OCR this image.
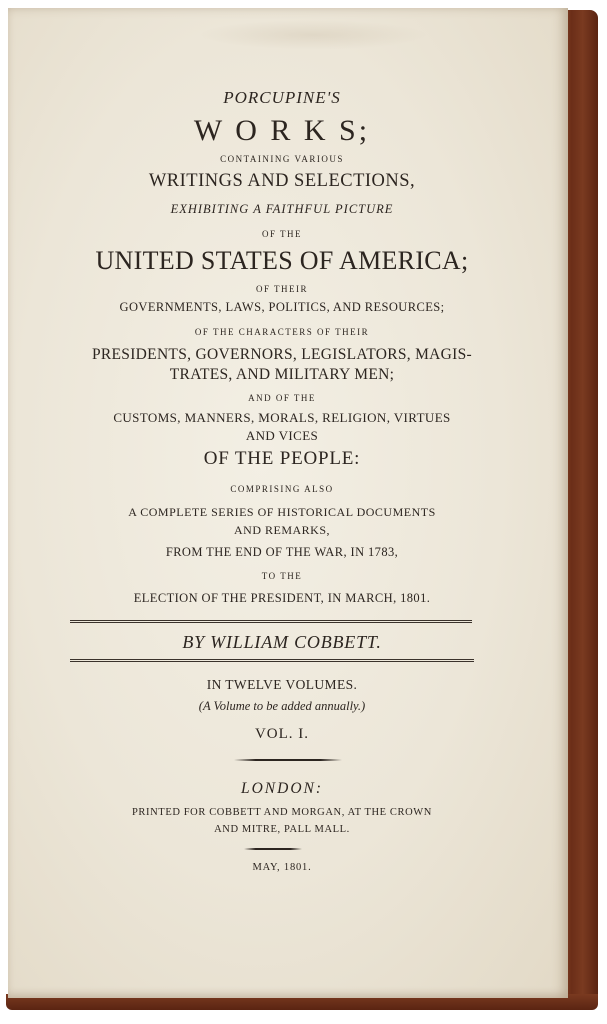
PORCUPINE'S
W O R K S;
CONTAINING VARIOUS
WRITINGS AND SELECTIONS,
EXHIBITING A FAITHFUL PICTURE
OF THE
UNITED STATES OF AMERICA;
OF THEIR
GOVERNMENTS, LAWS, POLITICS, AND RESOURCES;
OF THE CHARACTERS OF THEIR
PRESIDENTS, GOVERNORS, LEGISLATORS, MAGIS-
TRATES, AND MILITARY MEN;
AND OF THE
CUSTOMS, MANNERS, MORALS, RELIGION, VIRTUES
AND VICES
OF THE PEOPLE:
COMPRISING ALSO
A COMPLETE SERIES OF HISTORICAL DOCUMENTS
AND REMARKS,
FROM THE END OF THE WAR, IN 1783,
TO THE
ELECTION OF THE PRESIDENT, IN MARCH, 1801.
BY WILLIAM COBBETT.
IN TWELVE VOLUMES.
(A Volume to be added annually.)
VOL. I.
LONDON:
PRINTED FOR COBBETT AND MORGAN, AT THE CROWN
AND MITRE, PALL MALL.
MAY, 1801.
